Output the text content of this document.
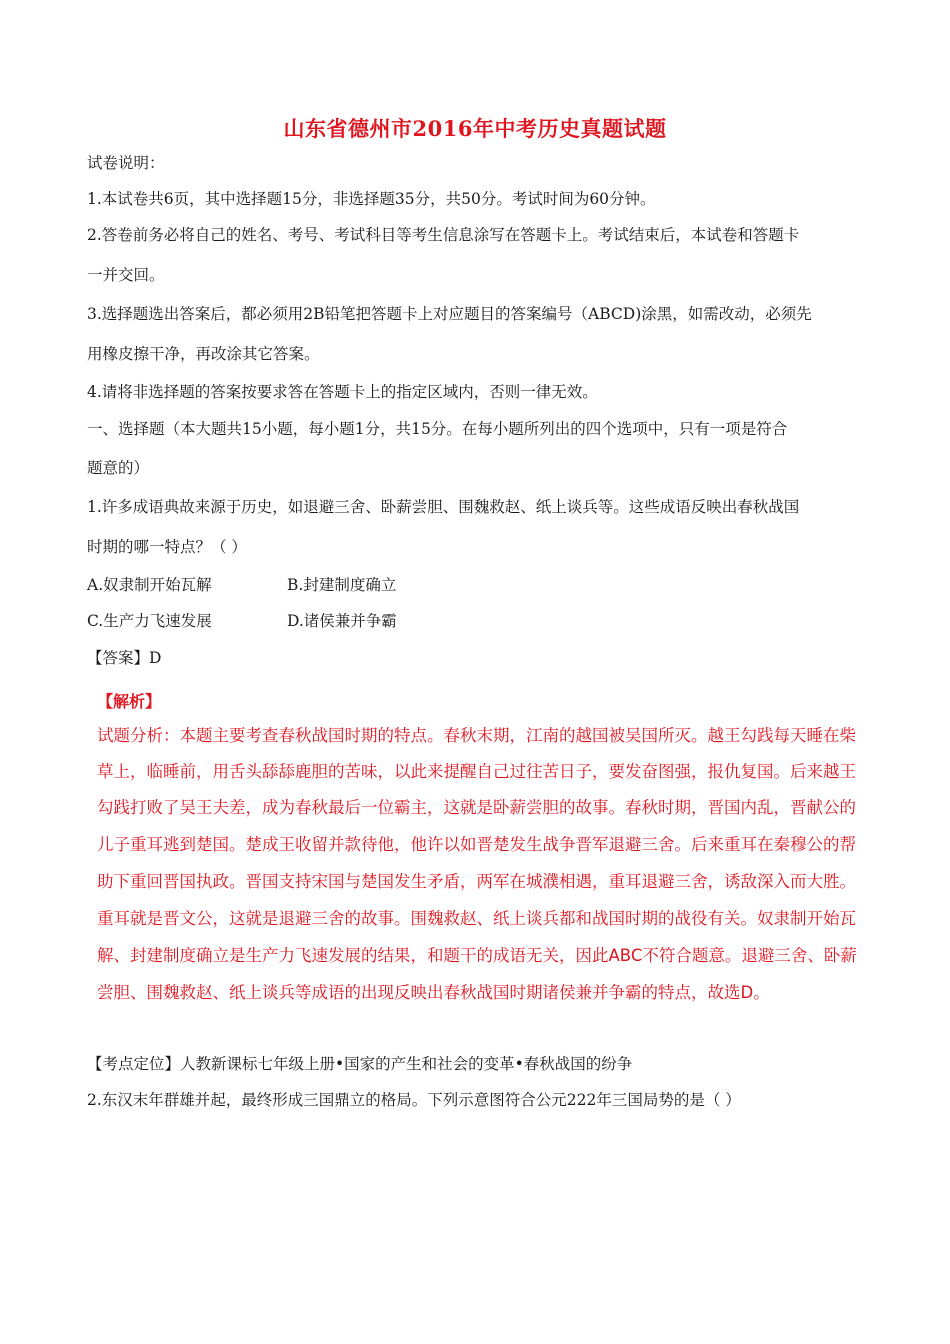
山东省德州市2016年中考历史真题试题
试卷说明：
1.本试卷共6页，其中选择题15分，非选择题35分，共50分。考试时间为60分钟。
2.答卷前务必将自己的姓名、考号、考试科目等考生信息涂写在答题卡上。考试结束后，本试卷和答题卡
一并交回。
3.选择题选出答案后，都必须用2B铅笔把答题卡上对应题目的答案编号（ABCD)涂黑，如需改动，必须先
用橡皮擦干净，再改涂其它答案。
4.请将非选择题的答案按要求答在答题卡上的指定区域内，否则一律无效。
一、选择题（本大题共15小题，每小题1分，共15分。在每小题所列出的四个选项中，只有一项是符合
题意的）
1.许多成语典故来源于历史，如退避三舍、卧薪尝胆、围魏救赵、纸上谈兵等。这些成语反映出春秋战国
时期的哪一特点？（ ）
A.奴隶制开始瓦解	B.封建制度确立
C.生产力飞速发展	D.诸侯兼并争霸
【答案】D
【解析】
试题分析：本题主要考查春秋战国时期的特点。春秋末期，江南的越国被吴国所灭。越王勾践每天睡在柴
草上，临睡前，用舌头舔舔鹿胆的苦味，以此来提醒自己过往苦日子，要发奋图强，报仇复国。后来越王
勾践打败了吴王夫差，成为春秋最后一位霸主，这就是卧薪尝胆的故事。春秋时期，晋国内乱，晋献公的
儿子重耳逃到楚国。楚成王收留并款待他，他许以如晋楚发生战争晋军退避三舍。后来重耳在秦穆公的帮
助下重回晋国执政。晋国支持宋国与楚国发生矛盾，两军在城濮相遇，重耳退避三舍，诱敌深入而大胜。
重耳就是晋文公，这就是退避三舍的故事。围魏救赵、纸上谈兵都和战国时期的战役有关。奴隶制开始瓦
解、封建制度确立是生产力飞速发展的结果，和题干的成语无关，因此ABC不符合题意。退避三舍、卧薪
尝胆、围魏救赵、纸上谈兵等成语的出现反映出春秋战国时期诸侯兼并争霸的特点，故选D。
【考点定位】人教新课标七年级上册•国家的产生和社会的变革•春秋战国的纷争
2.东汉末年群雄并起，最终形成三国鼎立的格局。下列示意图符合公元222年三国局势的是（ ）
